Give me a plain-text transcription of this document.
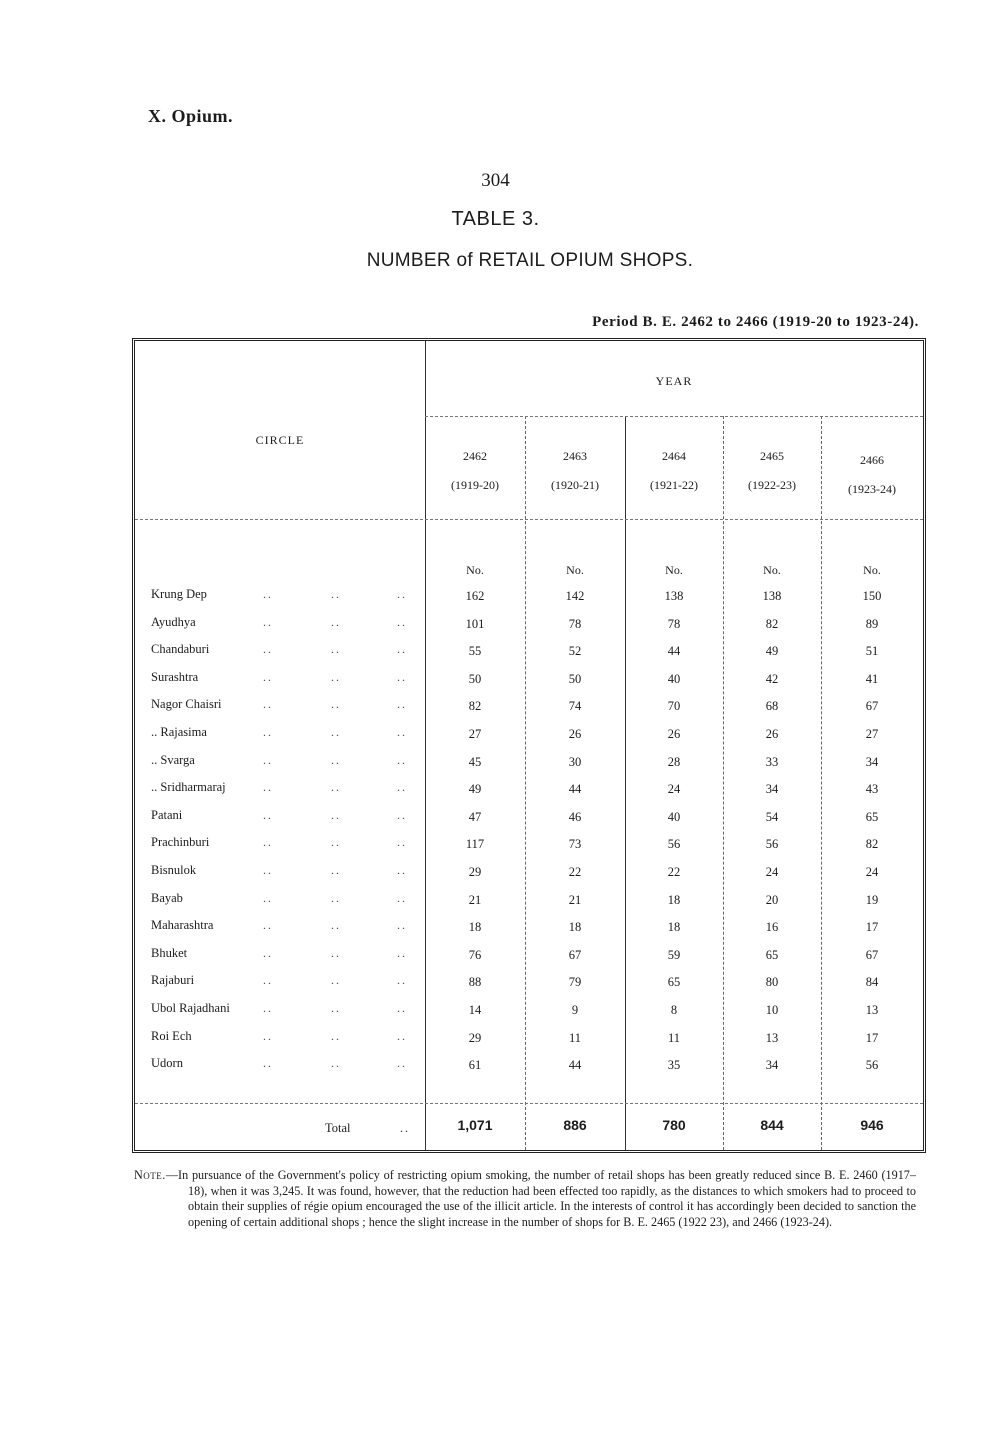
X. Opium.
304
TABLE 3.
NUMBER of RETAIL OPIUM SHOPS.
Period B. E. 2462 to 2466 (1919-20 to 1923-24).
YEAR
CIRCLE
2462
(1919-20)
2463
(1920-21)
2464
(1921-22)
2465
(1922-23)
2466
(1923-24)
No.	No.	No.	No.	No.
Krung Dep	..	..	..	162	142	138	138	150
Ayudhya	..	..	..	101	78	78	82	89
Chandaburi	..	..	..	55	52	44	49	51
Surashtra	..	..	..	50	50	40	42	41
Nagor Chaisri	..	..	..	82	74	70	68	67
.. Rajasima	..	..	..	27	26	26	26	27
.. Svarga	..	..	..	45	30	28	33	34
.. Sridharmaraj	..	..	..	49	44	24	34	43
Patani	..	..	..	47	46	40	54	65
Prachinburi	..	..	..	117	73	56	56	82
Bisnulok	..	..	..	29	22	22	24	24
Bayab	..	..	..	21	21	18	20	19
Maharashtra	..	..	..	18	18	18	16	17
Bhuket	..	..	..	76	67	59	65	67
Rajaburi	..	..	..	88	79	65	80	84
Ubol Rajadhani	..	..	..	14	9	8	10	13
Roi Ech	..	..	..	29	11	11	13	17
Udorn	..	..	..	61	44	35	34	56
Total	..	1,071	886	780	844	946

Note.—In pursuance of the Government's policy of restricting opium smoking, the number of retail shops has been greatly reduced since B. E. 2460 (1917–18), when it was 3,245. It was found, however, that the reduction had been effected too rapidly, as the distances to which smokers had to proceed to obtain their supplies of régie opium encouraged the use of the illicit article. In the interests of control it has accordingly been decided to sanction the opening of certain additional shops ; hence the slight increase in the number of shops for B. E. 2465 (1922 23), and 2466 (1923-24).
